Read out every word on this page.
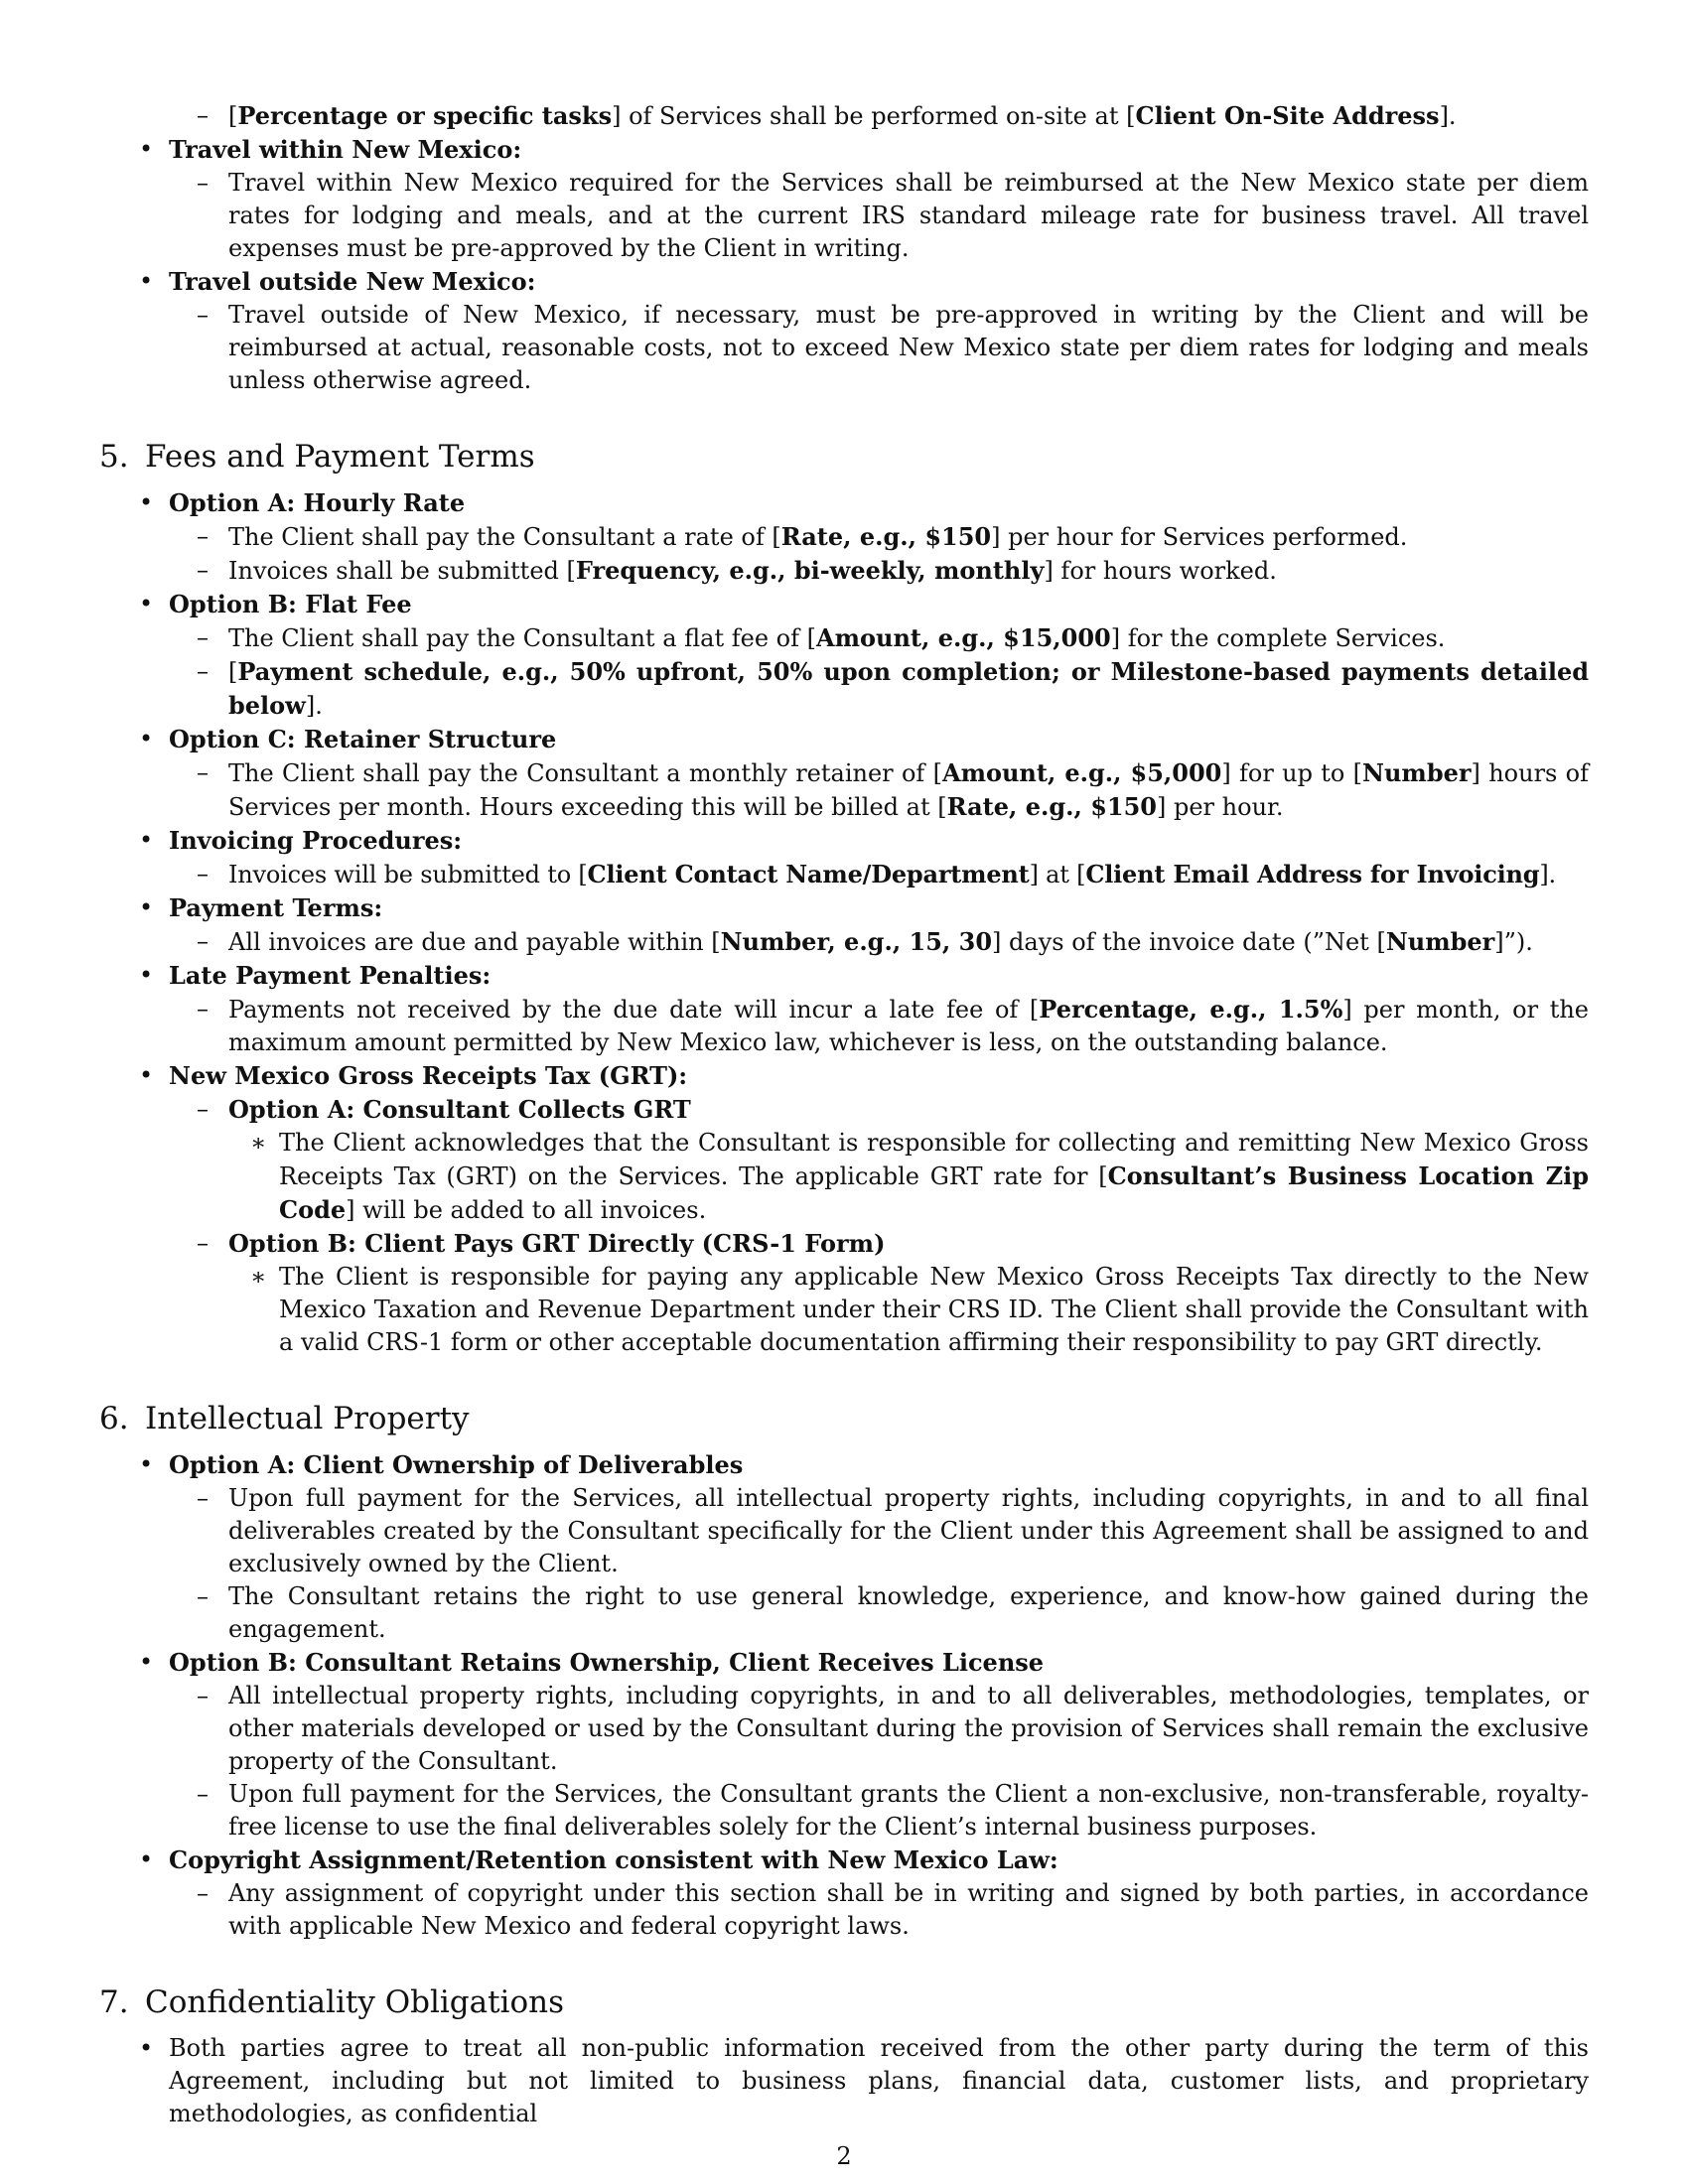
– [Percentage or specific tasks] of Services shall be performed on-site at [Client On-Site Address].
• Travel within New Mexico:
– Travel within New Mexico required for the Services shall be reimbursed at the New Mexico state per diem rates for lodging and meals, and at the current IRS standard mileage rate for business travel. All travel expenses must be pre-approved by the Client in writing.
• Travel outside New Mexico:
– Travel outside of New Mexico, if necessary, must be pre-approved in writing by the Client and will be reimbursed at actual, reasonable costs, not to exceed New Mexico state per diem rates for lodging and meals unless otherwise agreed.
5. Fees and Payment Terms
• Option A: Hourly Rate
– The Client shall pay the Consultant a rate of [Rate, e.g., $150] per hour for Services performed.
– Invoices shall be submitted [Frequency, e.g., bi-weekly, monthly] for hours worked.
• Option B: Flat Fee
– The Client shall pay the Consultant a flat fee of [Amount, e.g., $15,000] for the complete Services.
– [Payment schedule, e.g., 50% upfront, 50% upon completion; or Milestone-based payments detailed below].
• Option C: Retainer Structure
– The Client shall pay the Consultant a monthly retainer of [Amount, e.g., $5,000] for up to [Number] hours of Services per month. Hours exceeding this will be billed at [Rate, e.g., $150] per hour.
• Invoicing Procedures:
– Invoices will be submitted to [Client Contact Name/Department] at [Client Email Address for Invoicing].
• Payment Terms:
– All invoices are due and payable within [Number, e.g., 15, 30] days of the invoice date (”Net [Number]”).
• Late Payment Penalties:
– Payments not received by the due date will incur a late fee of [Percentage, e.g., 1.5%] per month, or the maximum amount permitted by New Mexico law, whichever is less, on the outstanding balance.
• New Mexico Gross Receipts Tax (GRT):
– Option A: Consultant Collects GRT
∗ The Client acknowledges that the Consultant is responsible for collecting and remitting New Mexico Gross Receipts Tax (GRT) on the Services. The applicable GRT rate for [Consultant’s Business Location Zip Code] will be added to all invoices.
– Option B: Client Pays GRT Directly (CRS-1 Form)
∗ The Client is responsible for paying any applicable New Mexico Gross Receipts Tax directly to the New Mexico Taxation and Revenue Department under their CRS ID. The Client shall provide the Consultant with a valid CRS-1 form or other acceptable documentation affirming their responsibility to pay GRT directly.
6. Intellectual Property
• Option A: Client Ownership of Deliverables
– Upon full payment for the Services, all intellectual property rights, including copyrights, in and to all final deliverables created by the Consultant specifically for the Client under this Agreement shall be assigned to and exclusively owned by the Client.
– The Consultant retains the right to use general knowledge, experience, and know-how gained during the engagement.
• Option B: Consultant Retains Ownership, Client Receives License
– All intellectual property rights, including copyrights, in and to all deliverables, methodologies, templates, or other materials developed or used by the Consultant during the provision of Services shall remain the exclusive property of the Consultant.
– Upon full payment for the Services, the Consultant grants the Client a non-exclusive, non-transferable, royalty-free license to use the final deliverables solely for the Client’s internal business purposes.
• Copyright Assignment/Retention consistent with New Mexico Law:
– Any assignment of copyright under this section shall be in writing and signed by both parties, in accordance with applicable New Mexico and federal copyright laws.
7. Confidentiality Obligations
• Both parties agree to treat all non-public information received from the other party during the term of this Agreement, including but not limited to business plans, financial data, customer lists, and proprietary methodologies, as confidential
2
